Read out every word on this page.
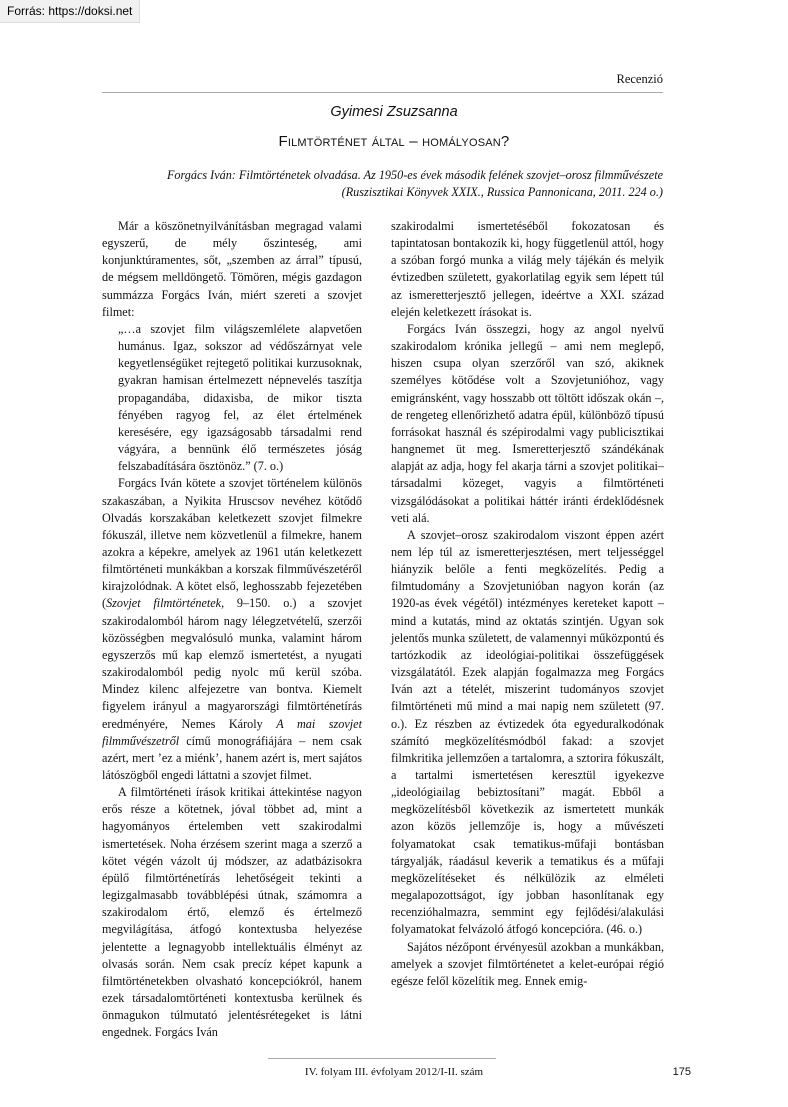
Forrás: https://doksi.net
Recenzió
Gyimesi Zsuzsanna
Filmtörténet által – homályosan?
Forgács Iván: Filmtörténetek olvadása. Az 1950-es évek második felének szovjet–orosz filmművészete
(Ruszisztikai Könyvek XXIX., Russica Pannonicana, 2011. 224 o.)

Már a köszönetnyilvánításban megragad valami egyszerű, de mély őszinteség, ami konjunktúramentes, sőt, „szemben az árral” típusú, de mégsem melldöngető. Tömören, mégis gazdagon summázza Forgács Iván, miért szereti a szovjet filmet:

„…a szovjet film világszemlélete alapvetően humánus. Igaz, sokszor ad védőszárnyat vele kegyetlenségüket rejtegető politikai kurzusoknak, gyakran hamisan értelmezett népnevelés taszítja propagandába, didaxisba, de mikor tiszta fényében ragyog fel, az élet értelmének keresésére, egy igazságosabb társadalmi rend vágyára, a bennünk élő természetes jóság felszabadítására ösztönöz.” (7. o.)

Forgács Iván kötete a szovjet történelem különös szakaszában, a Nyikita Hruscsov nevéhez kötődő Olvadás korszakában keletkezett szovjet filmekre fókuszál, illetve nem közvetlenül a filmekre, hanem azokra a képekre, amelyek az 1961 után keletkezett filmtörténeti munkákban a korszak filmművészetéről kirajzolódnak. A kötet első, leghosszabb fejezetében (Szovjet filmtörténetek, 9–150. o.) a szovjet szakirodalomból három nagy lélegzetvételű, szerzői közösségben megvalósuló munka, valamint három egyszerzős mű kap elemző ismertetést, a nyugati szakirodalomból pedig nyolc mű kerül szóba. Mindez kilenc alfejezetre van bontva. Kiemelt figyelem irányul a magyarországi filmtörténetírás eredményére, Nemes Károly A mai szovjet filmművészetről című monográfiájára – nem csak azért, mert ’ez a miénk’, hanem azért is, mert sajátos látószögből engedi láttatni a szovjet filmet.

A filmtörténeti írások kritikai áttekintése nagyon erős része a kötetnek, jóval többet ad, mint a hagyományos értelemben vett szakirodalmi ismertetések. Noha érzésem szerint maga a szerző a kötet végén vázolt új módszer, az adatbázisokra épülő filmtörténetírás lehetőségeit tekinti a legizgalmasabb továbblépési útnak, számomra a szakirodalom értő, elemző és értelmező megvilágítása, átfogó kontextusba helyezése jelentette a legnagyobb intellektuális élményt az olvasás során. Nem csak precíz képet kapunk a filmtörténetekben olvasható koncepciókról, hanem ezek társadalomtörténeti kontextusba kerülnek és önmagukon túlmutató jelentésrétegeket is látni engednek. Forgács Iván

szakirodalmi ismertetéséből fokozatosan és tapintatosan bontakozik ki, hogy függetlenül attól, hogy a szóban forgó munka a világ mely tájékán és melyik évtizedben született, gyakorlatilag egyik sem lépett túl az ismeretterjesztő jellegen, ideértve a XXI. század elején keletkezett írásokat is.

Forgács Iván összegzi, hogy az angol nyelvű szakirodalom krónika jellegű – ami nem meglepő, hiszen csupa olyan szerzőről van szó, akiknek személyes kötődése volt a Szovjetunióhoz, vagy emigránsként, vagy hosszabb ott töltött időszak okán –, de rengeteg ellenőrizhető adatra épül, különböző típusú forrásokat használ és szépirodalmi vagy publicisztikai hangnemet üt meg. Ismeretterjesztő szándékának alapját az adja, hogy fel akarja tárni a szovjet politikai–társadalmi közeget, vagyis a filmtörténeti vizsgálódásokat a politikai háttér iránti érdeklődésnek veti alá.

A szovjet–orosz szakirodalom viszont éppen azért nem lép túl az ismeretterjesztésen, mert teljességgel hiányzik belőle a fenti megközelítés. Pedig a filmtudomány a Szovjetunióban nagyon korán (az 1920-as évek végétől) intézményes kereteket kapott – mind a kutatás, mind az oktatás szintjén. Ugyan sok jelentős munka született, de valamennyi műközpontú és tartózkodik az ideológiai-politikai összefüggések vizsgálatától. Ezek alapján fogalmazza meg Forgács Iván azt a tételét, miszerint tudományos szovjet filmtörténeti mű mind a mai napig nem született (97. o.). Ez részben az évtizedek óta egyeduralkodónak számító megközelítésmódból fakad: a szovjet filmkritika jellemzően a tartalomra, a sztorira fókuszált, a tartalmi ismertetésen keresztül igyekezve „ideológiailag bebiztosítani” magát. Ebből a megközelítésből következik az ismertetett munkák azon közös jellemzője is, hogy a művészeti folyamatokat csak tematikus-műfaji bontásban tárgyalják, ráadásul keverik a tematikus és a műfaji megközelítéseket és nélkülözik az elméleti megalapozottságot, így jobban hasonlítanak egy recenzióhalmazra, semmint egy fejlődési/alakulási folyamatokat felvázoló átfogó koncepcióra. (46. o.)

Sajátos nézőpont érvényesül azokban a munkákban, amelyek a szovjet filmtörténetet a kelet-európai régió egésze felől közelítik meg. Ennek emig-

IV. folyam III. évfolyam 2012/I-II. szám	175
